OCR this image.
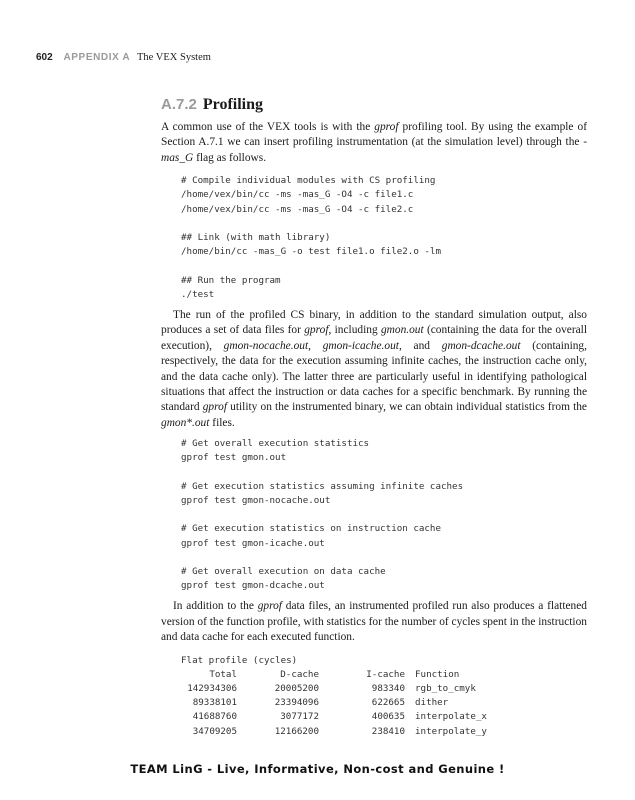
602 APPENDIX A The VEX System
A.7.2 Profiling

A common use of the VEX tools is with the gprof profiling tool. By using the example of Section A.7.1 we can insert profiling instrumentation (at the simulation level) through the -mas_G flag as follows.

# Compile individual modules with CS profiling
/home/vex/bin/cc -ms -mas_G -O4 -c file1.c
/home/vex/bin/cc -ms -mas_G -O4 -c file2.c
## Link (with math library)
/home/bin/cc -mas_G -o test file1.o file2.o -lm
## Run the program
./test

The run of the profiled CS binary, in addition to the standard simulation output, also produces a set of data files for gprof, including gmon.out (containing the data for the overall execution), gmon-nocache.out, gmon-icache.out, and gmon-dcache.out (containing, respectively, the data for the execution assuming infinite caches, the instruction cache only, and the data cache only). The latter three are particularly useful in identifying pathological situations that affect the instruction or data caches for a specific benchmark. By running the standard gprof utility on the instrumented binary, we can obtain individual statistics from the gmon*.out files.

# Get overall execution statistics
gprof test gmon.out
# Get execution statistics assuming infinite caches
gprof test gmon-nocache.out
# Get execution statistics on instruction cache
gprof test gmon-icache.out
# Get overall execution on data cache
gprof test gmon-dcache.out

In addition to the gprof data files, an instrumented profiled run also produces a flattened version of the function profile, with statistics for the number of cycles spent in the instruction and data cache for each executed function.

Flat profile (cycles)
Total	D-cache	I-cache Function
142934306	20005200	983340 rgb_to_cmyk
89338101	23394096	622665 dither
41688760	3077172	400635 interpolate_x
34709205	12166200	238410 interpolate_y
TEAM LinG - Live, Informative, Non-cost and Genuine !
